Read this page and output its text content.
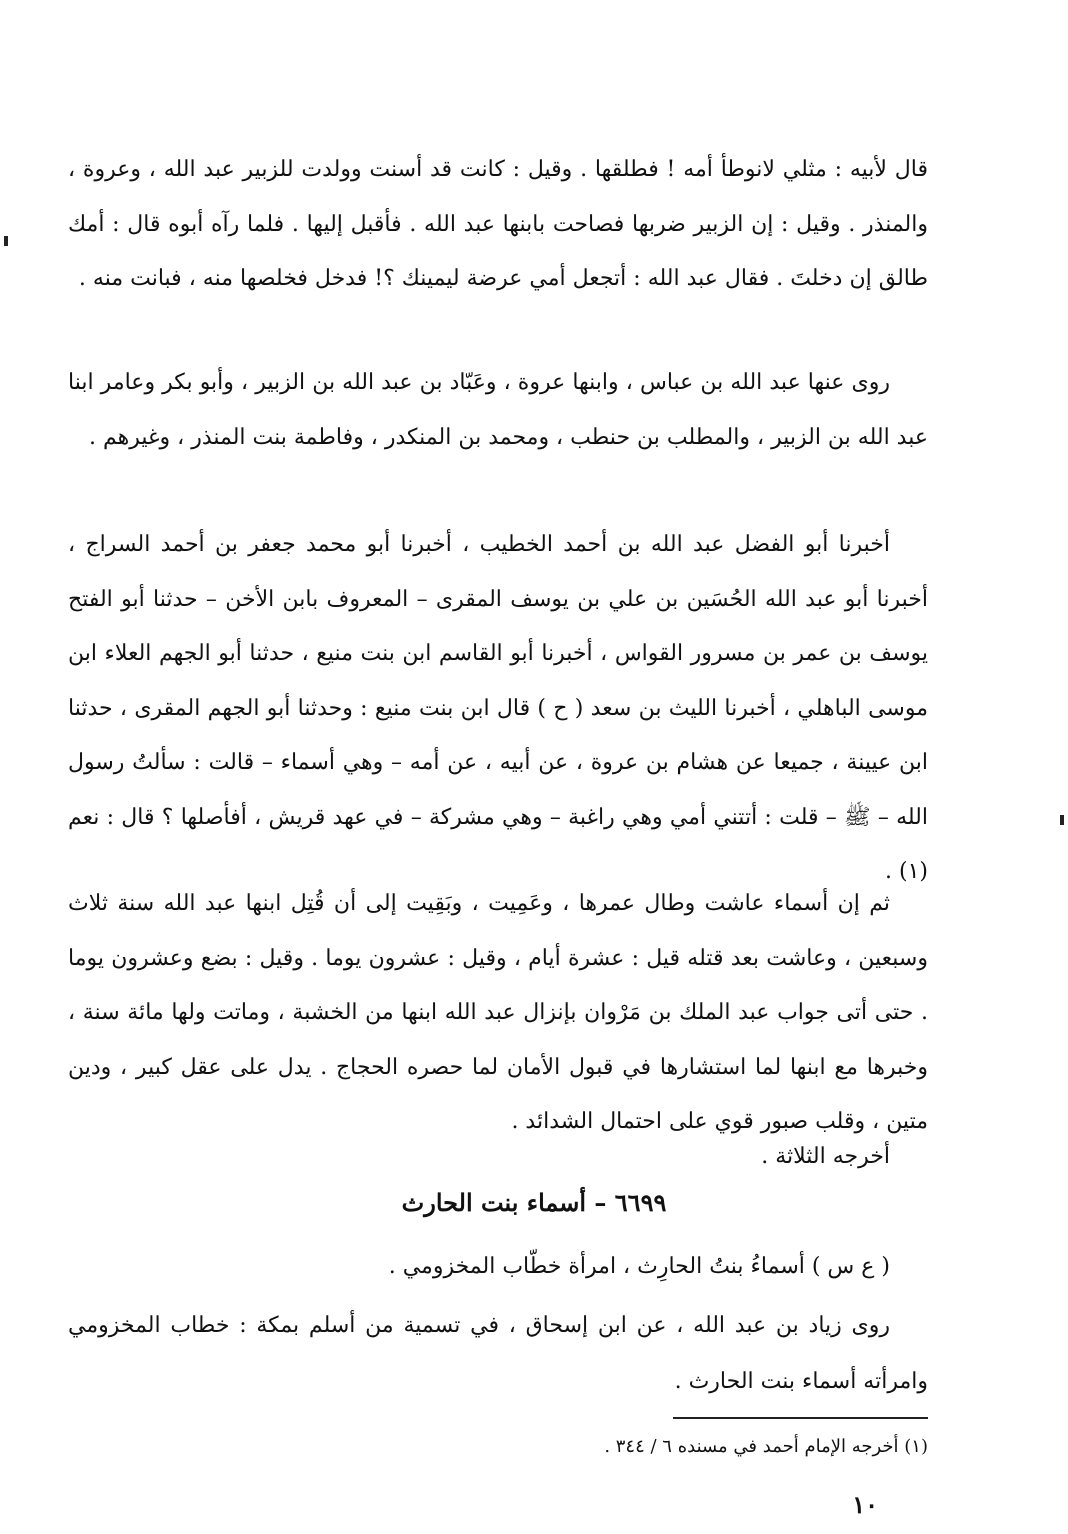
قال لأبيه : مثلي لانوطأ أمه ! فطلقها . وقيل : كانت قد أسنت وولدت للزبير عبد الله ، وعروة ، والمنذر . وقيل : إن الزبير ضربها فصاحت بابنها عبد الله . فأقبل إليها . فلما رآه أبوه قال : أمك طالق إن دخلتَ . فقال عبد الله : أتجعل أمي عرضة ليمينك ؟! فدخل فخلصها منه ، فبانت منه .

روى عنها عبد الله بن عباس ، وابنها عروة ، وعَبّاد بن عبد الله بن الزبير ، وأبو بكر وعامر ابنا عبد الله بن الزبير ، والمطلب بن حنطب ، ومحمد بن المنكدر ، وفاطمة بنت المنذر ، وغيرهم .

أخبرنا أبو الفضل عبد الله بن أحمد الخطيب ، أخبرنا أبو محمد جعفر بن أحمد السراج ، أخبرنا أبو عبد الله الحُسَين بن علي بن يوسف المقرى – المعروف بابن الأخن – حدثنا أبو الفتح يوسف بن عمر بن مسرور القواس ، أخبرنا أبو القاسم ابن بنت منيع ، حدثنا أبو الجهم العلاء ابن موسى الباهلي ، أخبرنا الليث بن سعد ( ح ) قال ابن بنت منيع : وحدثنا أبو الجهم المقرى ، حدثنا ابن عيينة ، جميعا عن هشام بن عروة ، عن أبيه ، عن أمه – وهي أسماء – قالت : سألتُ رسول الله – ﷺ – قلت : أتتني أمي وهي راغبة – وهي مشركة – في عهد قريش ، أفأصلها ؟ قال : نعم (١) .

ثم إن أسماء عاشت وطال عمرها ، وعَمِيت ، وبَقِيت إلى أن قُتِل ابنها عبد الله سنة ثلاث وسبعين ، وعاشت بعد قتله قيل : عشرة أيام ، وقيل : عشرون يوما . وقيل : بضع وعشرون يوما . حتى أتى جواب عبد الملك بن مَرْوان بإنزال عبد الله ابنها من الخشبة ، وماتت ولها مائة سنة ، وخبرها مع ابنها لما استشارها في قبول الأمان لما حصره الحجاج . يدل على عقل كبير ، ودين متين ، وقلب صبور قوي على احتمال الشدائد .

أخرجه الثلاثة .

٦٦٩٩ – أسماء بنت الحارث

( ع س ) أسماءُ بنتُ الحارِث ، امرأة خطّاب المخزومي .

روى زياد بن عبد الله ، عن ابن إسحاق ، في تسمية من أسلم بمكة : خطاب المخزومي وامرأته أسماء بنت الحارث .

(١) أخرجه الإمام أحمد في مسنده ٦ / ٣٤٤ .
١٠
